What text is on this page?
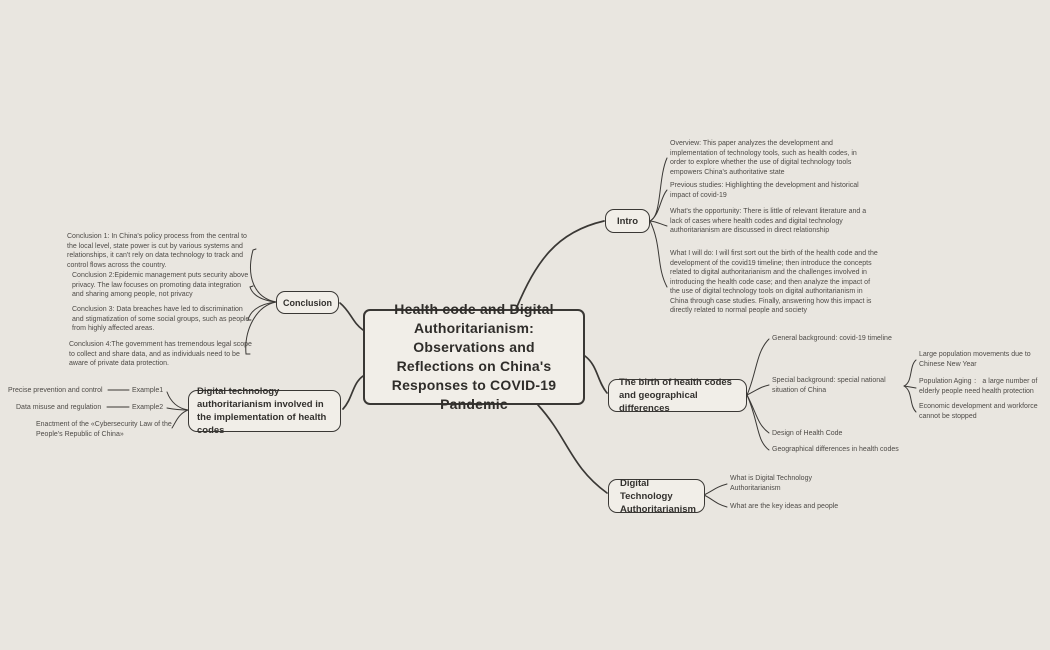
Health code and Digital Authoritarianism: Observations and Reflections on China's Responses to COVID-19 Pandemic
Intro
Overview: This paper analyzes the development and implementation of technology tools, such as health codes, in order to explore whether the use of digital technology tools empowers China's authoritative state
Previous studies: Highlighting the development and historical impact of covid-19
What's the opportunity: There is little of relevant literature and a lack of cases where health codes and digital technology authoritarianism are discussed in direct relationship
What I will do: I will first sort out the birth of the health code and the development of the covid19 timeline; then introduce the concepts related to digital authoritarianism and the challenges involved in introducing the health code case; and then analyze the impact of the use of digital technology tools on digital authoritarianism in China through case studies. Finally, answering how this impact is directly related to normal people and society
Conclusion
Conclusion 1: In China's policy process from the central to the local level, state power is cut by various systems and relationships, it can't rely on data technology to track and control flows across the country.
Conclusion 2:Epidemic management puts security above privacy. The law focuses on promoting data integration and sharing among people, not privacy
Conclusion 3: Data breaches have led to discrimination and stigmatization of some social groups, such as people from highly affected areas.
Conclusion 4:The government has tremendous legal scope to collect and share data, and as individuals need to be aware of private data protection.
Digital technology authoritarianism involved in the implementation of health codes
Precise prevention and control	Example1
Data misuse and regulation	Example2
Enactment of the «Cybersecurity Law of the People's Republic of China»
The birth of health codes and geographical differences
General background: covid-19 timeline
Special background: special national situation of China
Design of Health Code
Geographical differences in health codes
Large population movements due to Chinese New Year
Population Aging ： a large number of elderly people need health protection
Economic development and workforce cannot be stopped
Digital Technology Authoritarianism
What is Digital Technology Authoritarianism
What are the key ideas and people
